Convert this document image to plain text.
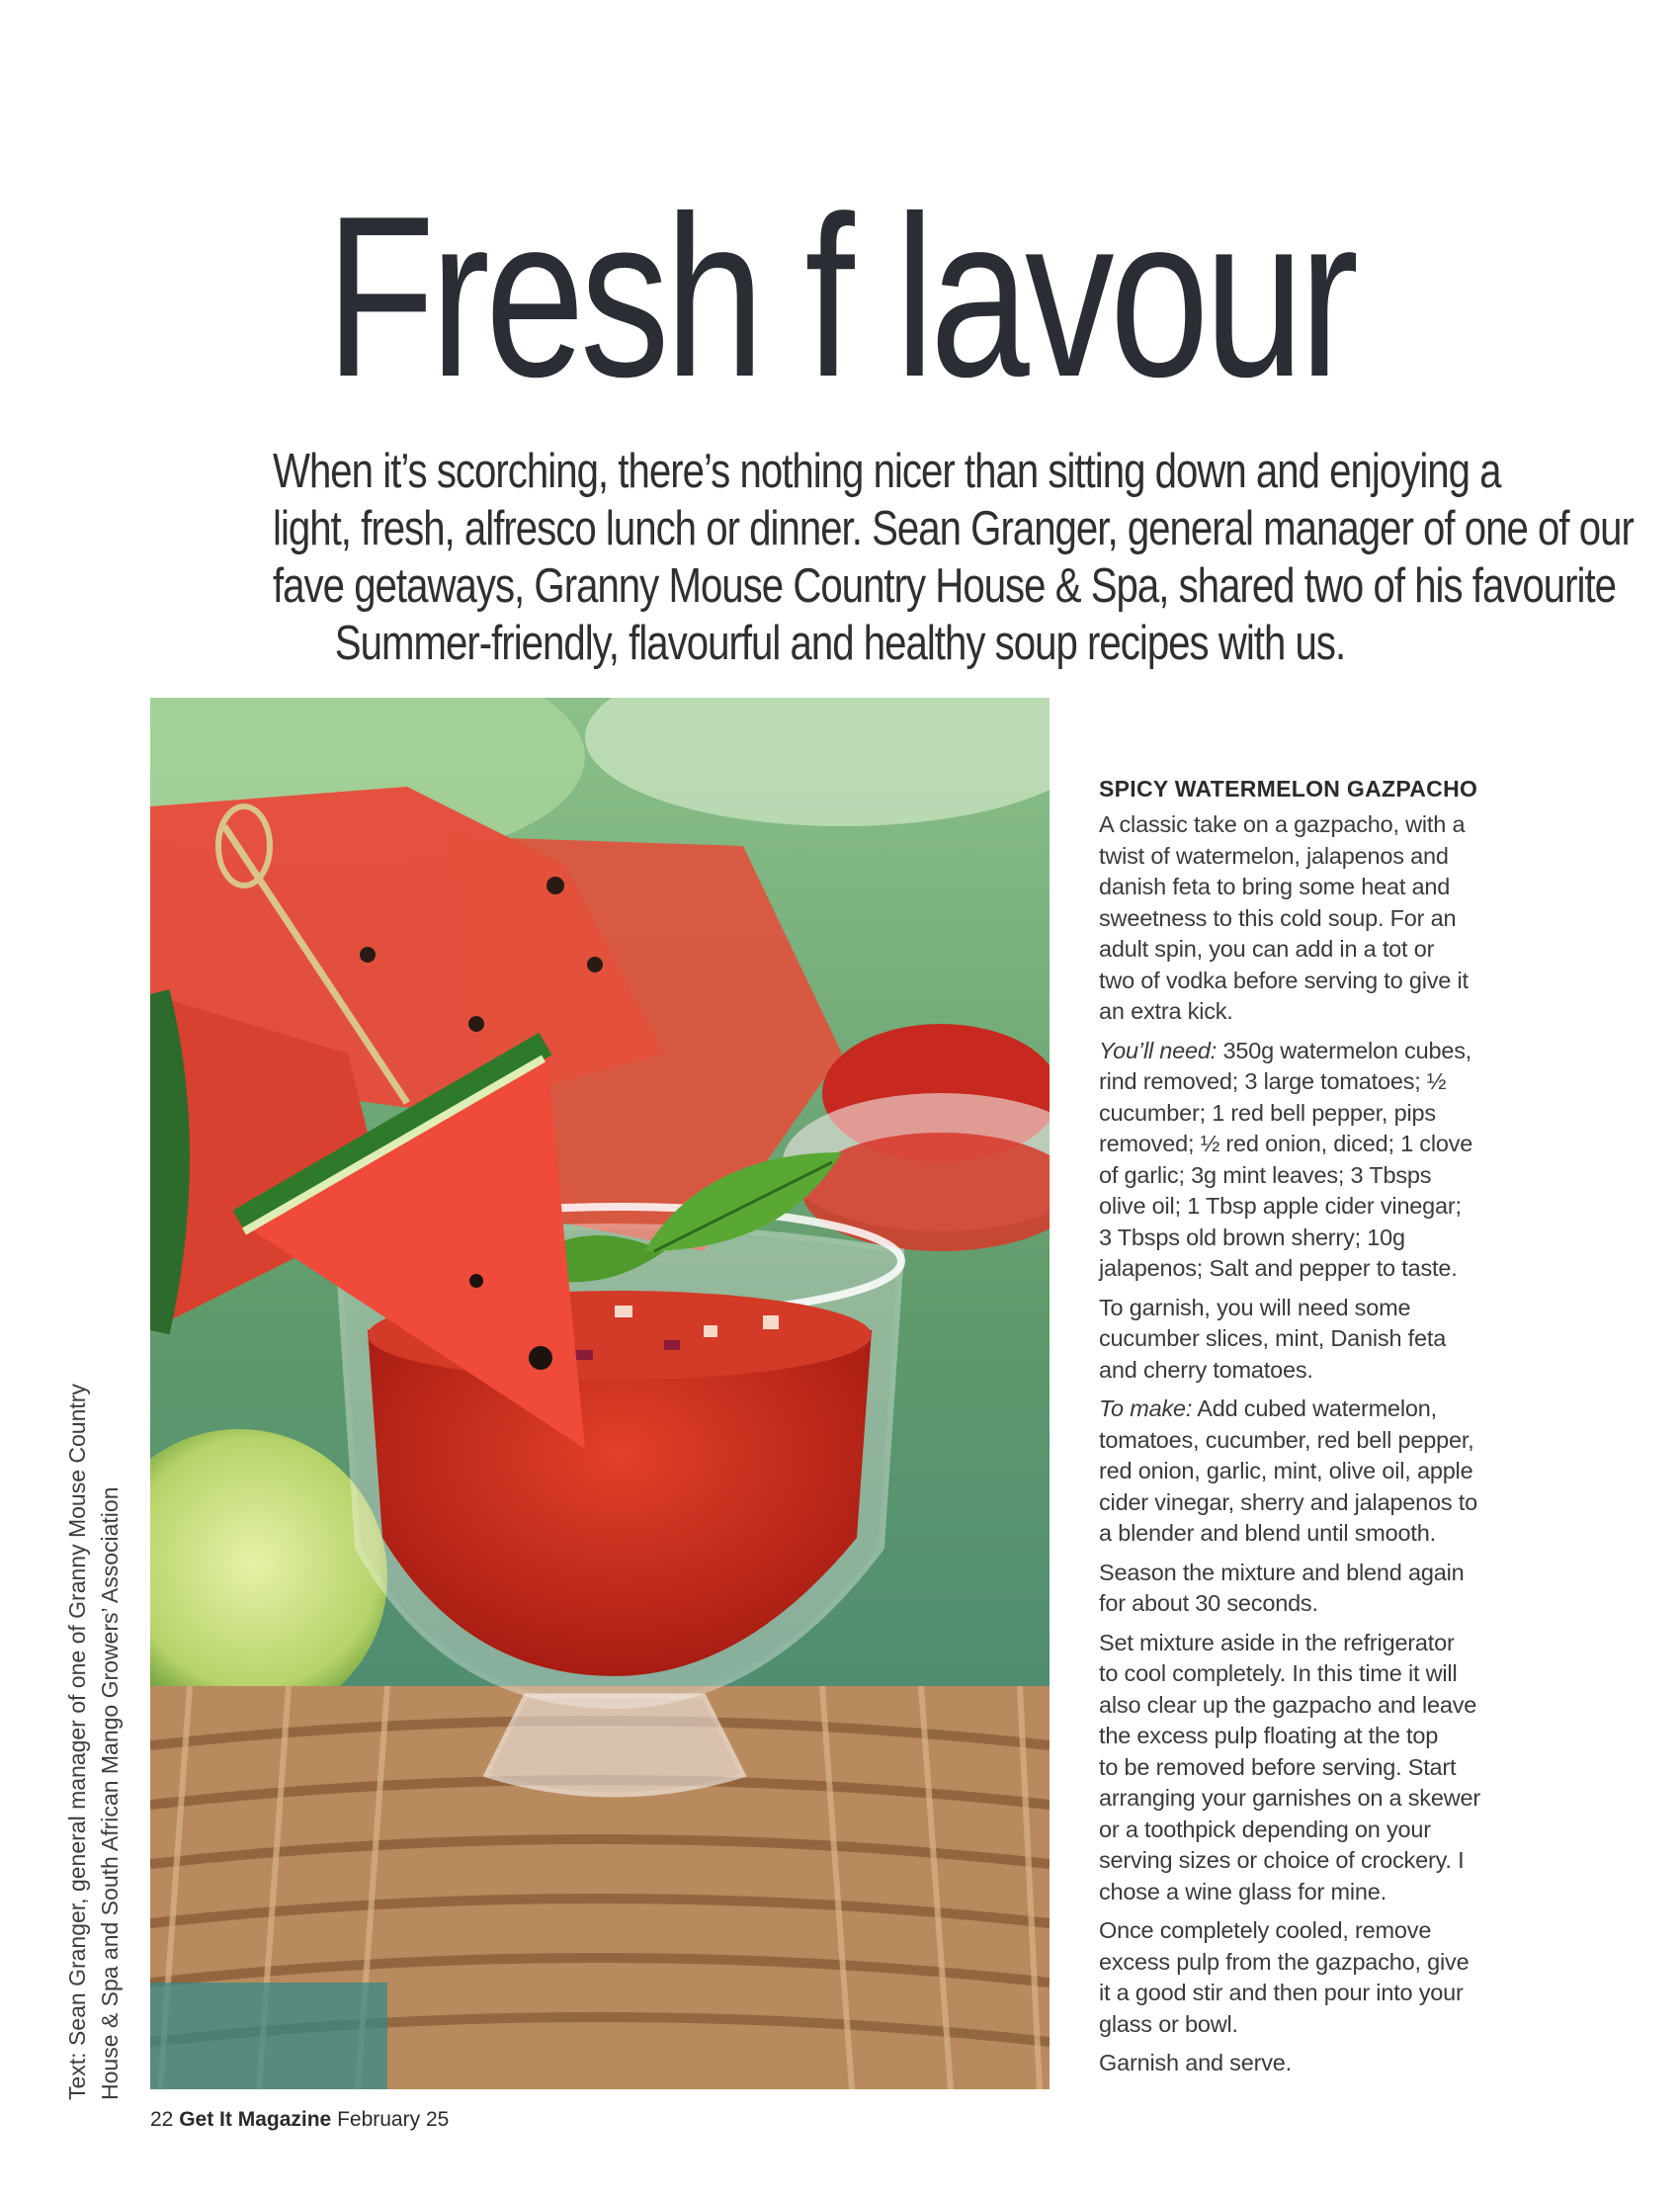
Fresh f lavour
When it’s scorching, there’s nothing nicer than sitting down and enjoying a
light, fresh, alfresco lunch or dinner. Sean Granger, general manager of one of our
fave getaways, Granny Mouse Country House & Spa, shared two of his favourite
Summer-friendly, flavourful and healthy soup recipes with us.
Text: Sean Granger, general manager of one of Granny Mouse Country House & Spa and South African Mango Growers’ Association
SPICY WATERMELON GAZPACHO

A classic take on a gazpacho, with a
twist of watermelon, jalapenos and
danish feta to bring some heat and
sweetness to this cold soup. For an
adult spin, you can add in a tot or
two of vodka before serving to give it
an extra kick.

You’ll need: 350g watermelon cubes,
rind removed; 3 large tomatoes; ½
cucumber; 1 red bell pepper, pips
removed; ½ red onion, diced; 1 clove
of garlic; 3g mint leaves; 3 Tbsps
olive oil; 1 Tbsp apple cider vinegar;
3 Tbsps old brown sherry; 10g
jalapenos; Salt and pepper to taste.

To garnish, you will need some
cucumber slices, mint, Danish feta
and cherry tomatoes.

To make: Add cubed watermelon,
tomatoes, cucumber, red bell pepper,
red onion, garlic, mint, olive oil, apple
cider vinegar, sherry and jalapenos to
a blender and blend until smooth.

Season the mixture and blend again
for about 30 seconds.

Set mixture aside in the refrigerator
to cool completely. In this time it will
also clear up the gazpacho and leave
the excess pulp floating at the top
to be removed before serving. Start
arranging your garnishes on a skewer
or a toothpick depending on your
serving sizes or choice of crockery. I
chose a wine glass for mine.

Once completely cooled, remove
excess pulp from the gazpacho, give
it a good stir and then pour into your
glass or bowl.

Garnish and serve.

22 Get It Magazine February 25
